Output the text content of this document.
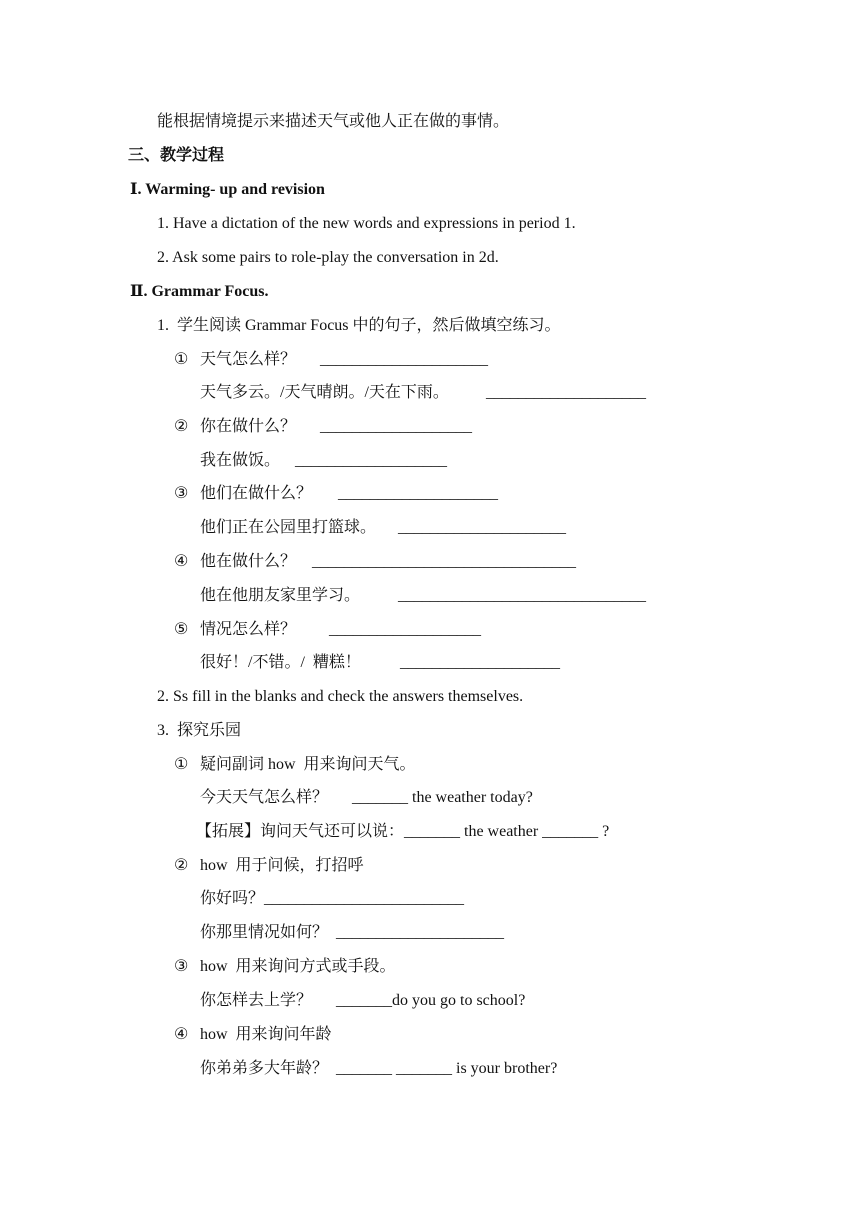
能根据情境提示来描述天气或他人正在做的事情。
三、教学过程
Ⅰ. Warming- up and revision
1. Have a dictation of the new words and expressions in period 1.
2. Ask some pairs to role-play the conversation in 2d.
Ⅱ. Grammar Focus.
1.  学生阅读 Grammar Focus 中的句子，然后做填空练习。
① 天气怎么样？ _____________________
天气多云。/天气晴朗。/天在下雨。 ____________________
② 你在做什么？ ___________________
我在做饭。 ___________________
③ 他们在做什么？ ____________________
他们正在公园里打篮球。 _____________________
④ 他在做什么？ _________________________________
他在他朋友家里学习。 _______________________________
⑤ 情况怎么样？ ___________________
很好！/不错。/  糟糕！ ____________________
2. Ss fill in the blanks and check the answers themselves.
3.  探究乐园
① 疑问副词 how  用来询问天气。
今天天气怎么样？      _______ the weather today?
【拓展】询问天气还可以说：_______ the weather _______ ?
② how  用于问候，打招呼
你好吗？_________________________
你那里情况如何？  _____________________
③ how  用来询问方式或手段。
你怎样去上学？      _______do you go to school?
④ how  用来询问年龄
你弟弟多大年龄？  _______ _______ is your brother?
